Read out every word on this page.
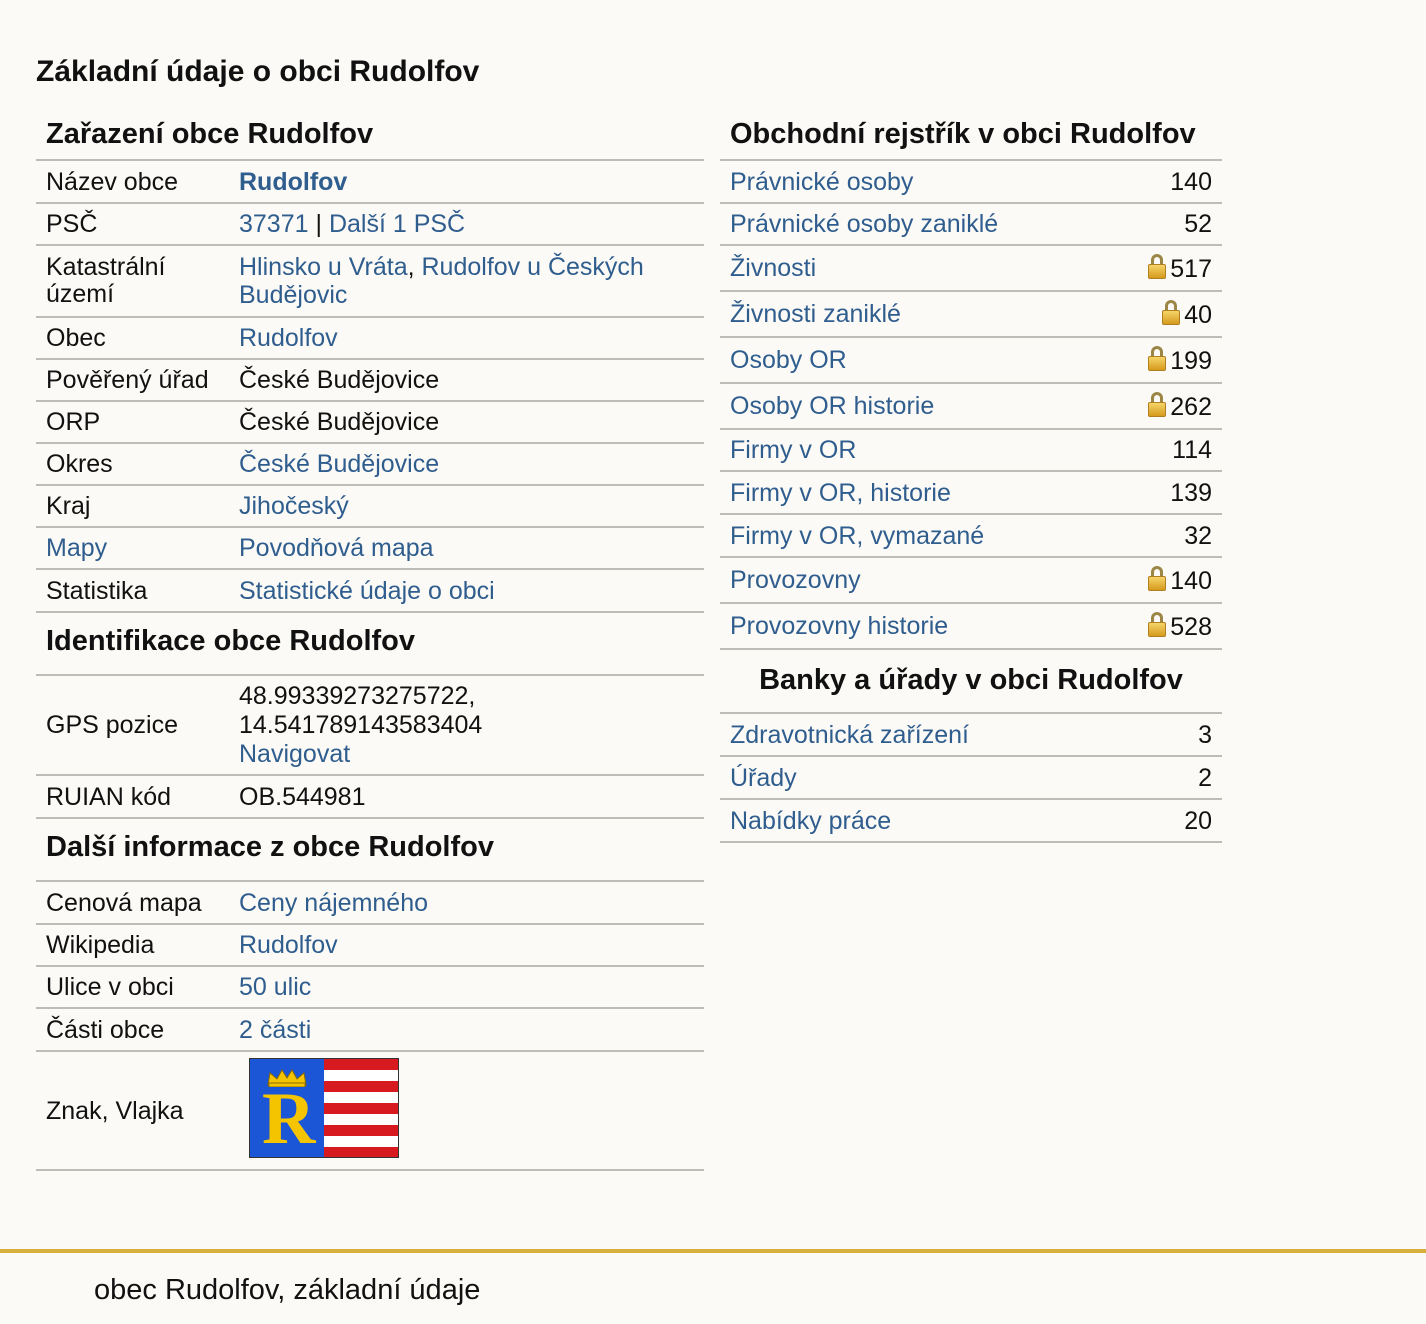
Základní údaje o obci Rudolfov
Zařazení obce Rudolfov
Název obce	Rudolfov
PSČ	37371 | Další 1 PSČ
Katastrální území	Hlinsko u Vráta, Rudolfov u Českých Budějovic
Obec	Rudolfov
Pověřený úřad	České Budějovice
ORP	České Budějovice
Okres	České Budějovice
Kraj	Jihočeský
Mapy	Povodňová mapa
Statistika	Statistické údaje o obci
Identifikace obce Rudolfov
GPS pozice	48.99339273275722,
14.541789143583404
Navigovat
RUIAN kód	OB.544981
Další informace z obce Rudolfov
Cenová mapa	Ceny nájemného
Wikipedia	Rudolfov
Ulice v obci	50 ulic
Části obce	2 části
Znak, Vlajka	R
Obchodní rejstřík v obci Rudolfov
Právnické osoby	140
Právnické osoby zaniklé	52
Živnosti	517
Živnosti zaniklé	40
Osoby OR	199
Osoby OR historie	262
Firmy v OR	114
Firmy v OR, historie	139
Firmy v OR, vymazané	32
Provozovny	140
Provozovny historie	528
Banky a úřady v obci Rudolfov
Zdravotnická zařízení	3
Úřady	2
Nabídky práce	20
obec Rudolfov, základní údaje
